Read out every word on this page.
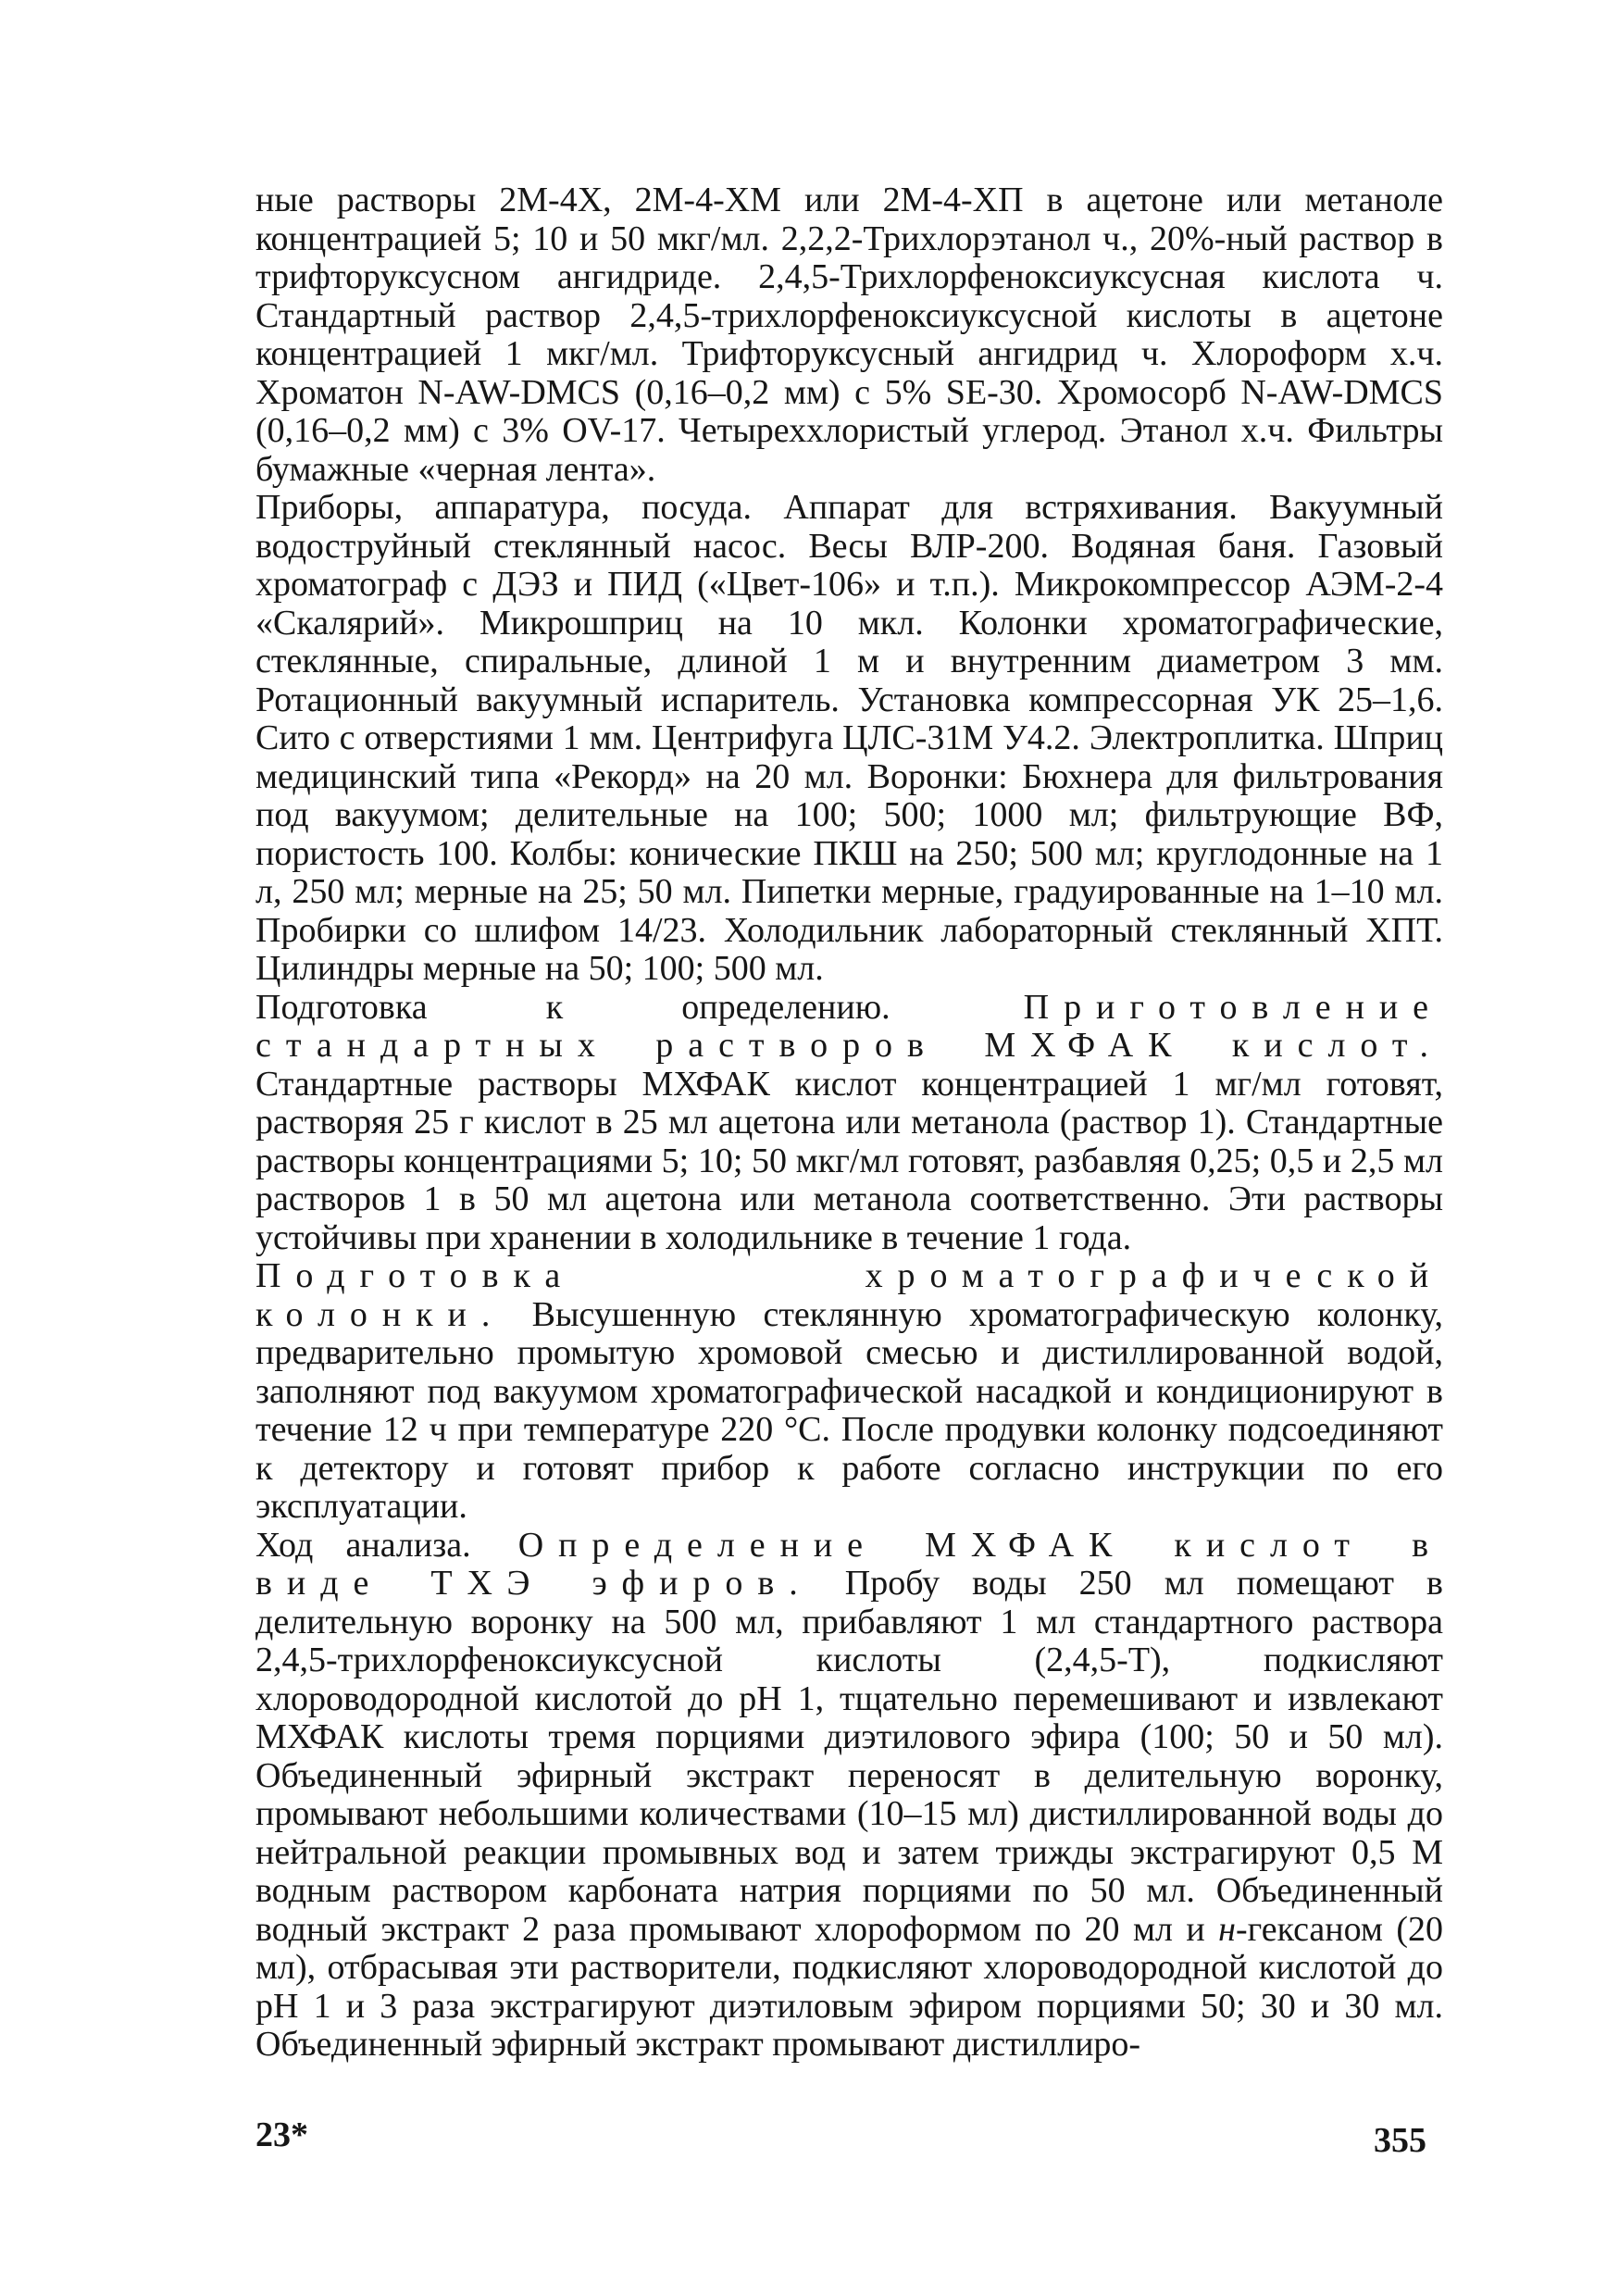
ные растворы 2М-4Х, 2М-4-ХМ или 2М-4-ХП в ацетоне или метаноле концентрацией 5; 10 и 50 мкг/мл. 2,2,2-Трихлорэтанол ч., 20%-ный раствор в трифторуксусном ангидриде. 2,4,5-Трихлорфеноксиуксусная кислота ч. Стандартный раствор 2,4,5-трихлорфеноксиуксусной кислоты в ацетоне концентрацией 1 мкг/мл. Трифторуксусный ангидрид ч. Хлороформ х.ч. Хроматон N-AW-DMCS (0,16–0,2 мм) с 5% SE-30. Хромосорб N-AW-DMCS (0,16–0,2 мм) с 3% OV-17. Четыреххлористый углерод. Этанол х.ч. Фильтры бумажные «черная лента».

Приборы, аппаратура, посуда. Аппарат для встряхивания. Вакуумный водоструйный стеклянный насос. Весы ВЛР-200. Водяная баня. Газовый хроматограф с ДЭЗ и ПИД («Цвет-106» и т.п.). Микрокомпрессор АЭМ-2-4 «Скалярий». Микрошприц на 10 мкл. Колонки хроматографические, стеклянные, спиральные, длиной 1 м и внутренним диаметром 3 мм. Ротационный вакуумный испаритель. Установка компрессорная УК 25–1,6. Сито с отверстиями 1 мм. Центрифуга ЦЛС-31М У4.2. Электроплитка. Шприц медицинский типа «Рекорд» на 20 мл. Воронки: Бюхнера для фильтрования под вакуумом; делительные на 100; 500; 1000 мл; фильтрующие ВФ, пористость 100. Колбы: конические ПКШ на 250; 500 мл; круглодонные на 1 л, 250 мл; мерные на 25; 50 мл. Пипетки мерные, градуированные на 1–10 мл. Пробирки со шлифом 14/23. Холодильник лабораторный стеклянный ХПТ. Цилиндры мерные на 50; 100; 500 мл.

Подготовка к определению. Приготовление стандартных растворов МХФАК кислот. Стандартные растворы МХФАК кислот концентрацией 1 мг/мл готовят, растворяя 25 г кислот в 25 мл ацетона или метанола (раствор 1). Стандартные растворы концентрациями 5; 10; 50 мкг/мл готовят, разбавляя 0,25; 0,5 и 2,5 мл растворов 1 в 50 мл ацетона или метанола соответственно. Эти растворы устойчивы при хранении в холодильнике в течение 1 года.

Подготовка хроматографической колонки. Высушенную стеклянную хроматографическую колонку, предварительно промытую хромовой смесью и дистиллированной водой, заполняют под вакуумом хроматографической насадкой и кондиционируют в течение 12 ч при температуре 220 °C. После продувки колонку подсоединяют к детектору и готовят прибор к работе согласно инструкции по его эксплуатации.

Ход анализа. Определение МХФАК кислот в виде ТХЭ эфиров. Пробу воды 250 мл помещают в делительную воронку на 500 мл, прибавляют 1 мл стандартного раствора 2,4,5-трихлорфеноксиуксусной кислоты (2,4,5-Т), подкисляют хлороводородной кислотой до pH 1, тщательно перемешивают и извлекают МХФАК кислоты тремя порциями диэтилового эфира (100; 50 и 50 мл). Объединенный эфирный экстракт переносят в делительную воронку, промывают небольшими количествами (10–15 мл) дистиллированной воды до нейтральной реакции промывных вод и затем трижды экстрагируют 0,5 М водным раствором карбоната натрия порциями по 50 мл. Объединенный водный экстракт 2 раза промывают хлороформом по 20 мл и н-гексаном (20 мл), отбрасывая эти растворители, подкисляют хлороводородной кислотой до pH 1 и 3 раза экстрагируют диэтиловым эфиром порциями 50; 30 и 30 мл. Объединенный эфирный экстракт промывают дистиллиро-

23*	355
